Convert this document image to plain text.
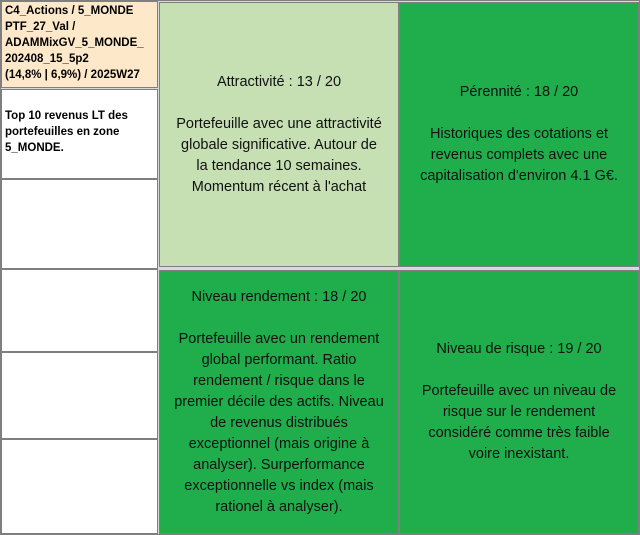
C4_Actions / 5_MONDE
PTF_27_Val /
ADAMMixGV_5_MONDE_
202408_15_5p2
(14,8% | 6,9%) / 2025W27
Top 10 revenus LT des
portefeuilles en zone
5_MONDE.
Attractivité : 13 / 20
Portefeuille avec une attractivité
globale significative. Autour de
la tendance 10 semaines.
Momentum récent à l'achat
Pérennité : 18 / 20
Historiques des cotations et
revenus complets avec une
capitalisation d'environ 4.1 G€.
Niveau rendement : 18 / 20
Portefeuille avec un rendement
global performant. Ratio
rendement / risque dans le
premier décile des actifs. Niveau
de revenus distribués
exceptionnel (mais origine à
analyser). Surperformance
exceptionnelle vs index (mais
rationel à analyser).
Niveau de risque : 19 / 20
Portefeuille avec un niveau de
risque sur le rendement
considéré comme très faible
voire inexistant.
